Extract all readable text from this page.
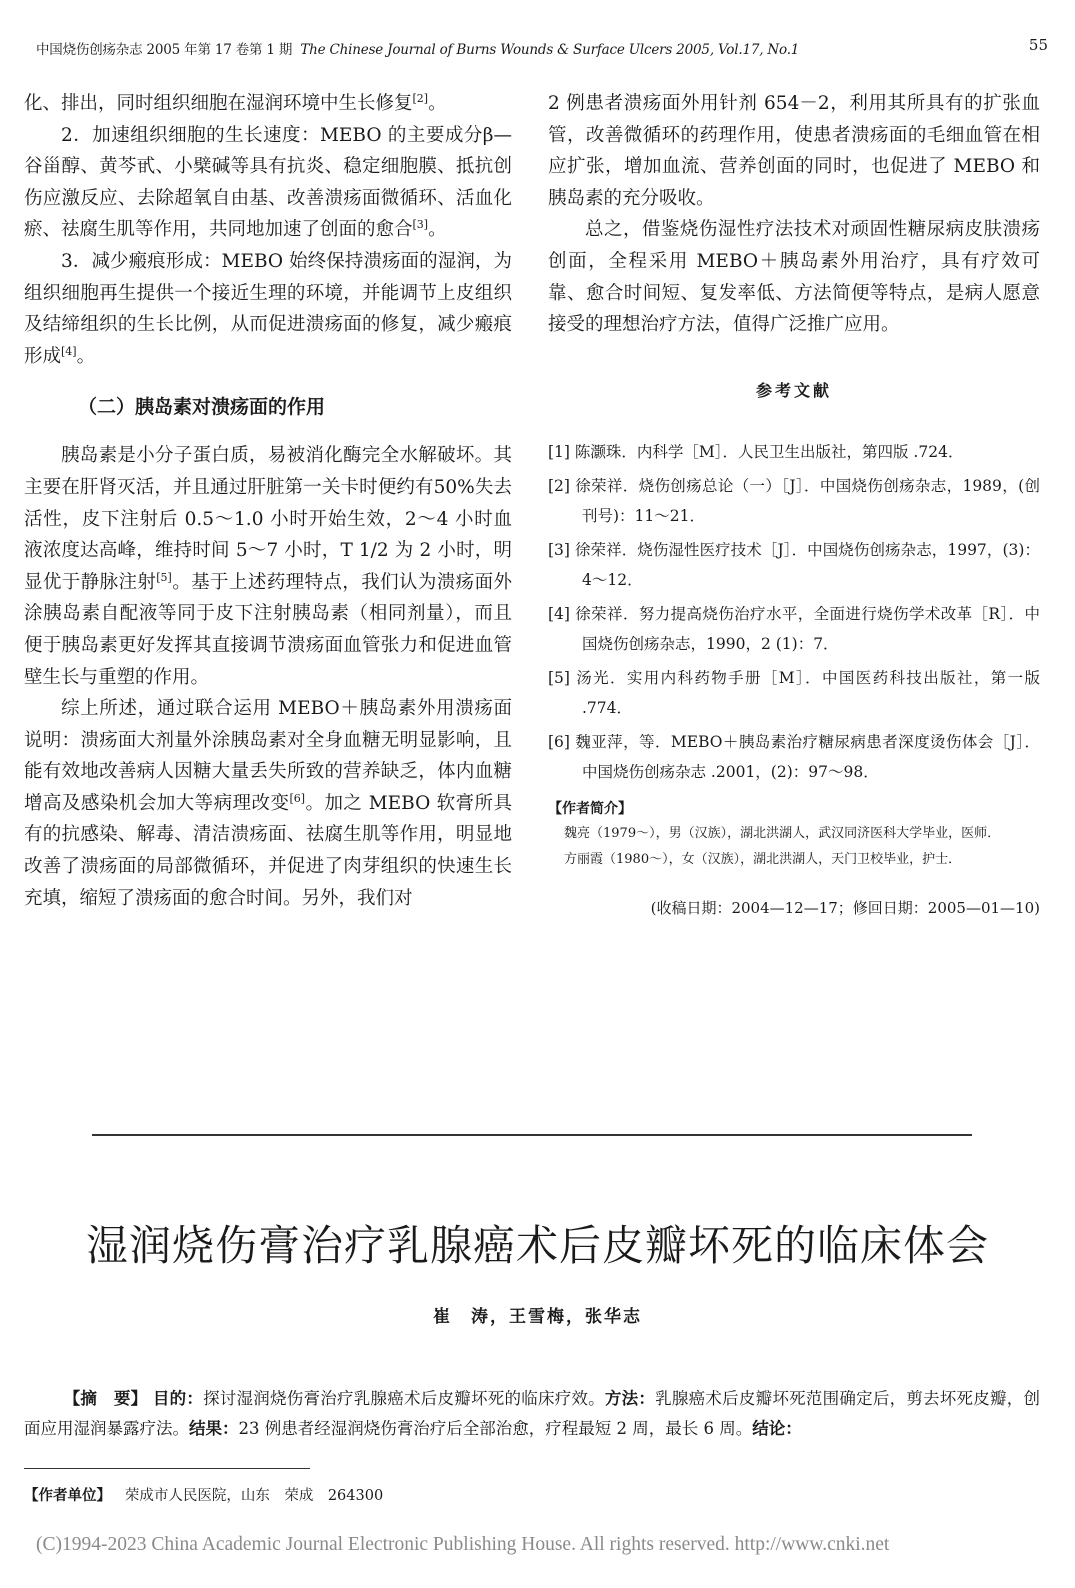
中国烧伤创疡杂志 2005 年第 17 卷第 1 期 The Chinese Journal of Burns Wounds & Surface Ulcers 2005, Vol.17, No.1	55

化、排出，同时组织细胞在湿润环境中生长修复[2]。

2．加速组织细胞的生长速度：MEBO 的主要成分β—谷甾醇、黄芩甙、小檗碱等具有抗炎、稳定细胞膜、抵抗创伤应激反应、去除超氧自由基、改善溃疡面微循环、活血化瘀、祛腐生肌等作用，共同地加速了创面的愈合[3]。

3．减少瘢痕形成：MEBO 始终保持溃疡面的湿润，为组织细胞再生提供一个接近生理的环境，并能调节上皮组织及结缔组织的生长比例，从而促进溃疡面的修复，减少瘢痕形成[4]。

（二）胰岛素对溃疡面的作用

胰岛素是小分子蛋白质，易被消化酶完全水解破坏。其主要在肝肾灭活，并且通过肝脏第一关卡时便约有50%失去活性，皮下注射后 0.5～1.0 小时开始生效，2～4 小时血液浓度达高峰，维持时间 5～7 小时，T 1/2 为 2 小时，明显优于静脉注射[5]。基于上述药理特点，我们认为溃疡面外涂胰岛素自配液等同于皮下注射胰岛素（相同剂量），而且便于胰岛素更好发挥其直接调节溃疡面血管张力和促进血管壁生长与重塑的作用。

综上所述，通过联合运用 MEBO＋胰岛素外用溃疡面说明：溃疡面大剂量外涂胰岛素对全身血糖无明显影响，且能有效地改善病人因糖大量丢失所致的营养缺乏，体内血糖增高及感染机会加大等病理改变[6]。加之 MEBO 软膏所具有的抗感染、解毒、清洁溃疡面、祛腐生肌等作用，明显地改善了溃疡面的局部微循环，并促进了肉芽组织的快速生长充填，缩短了溃疡面的愈合时间。另外，我们对

2 例患者溃疡面外用针剂 654－2，利用其所具有的扩张血管，改善微循环的药理作用，使患者溃疡面的毛细血管在相应扩张，增加血流、营养创面的同时，也促进了 MEBO 和胰岛素的充分吸收。

总之，借鉴烧伤湿性疗法技术对顽固性糖尿病皮肤溃疡创面，全程采用 MEBO＋胰岛素外用治疗，具有疗效可靠、愈合时间短、复发率低、方法简便等特点，是病人愿意接受的理想治疗方法，值得广泛推广应用。

参考文献
[1] 陈灏珠．内科学［M］．人民卫生出版社，第四版 .724．
[2] 徐荣祥．烧伤创疡总论（一）［J］．中国烧伤创疡杂志，1989，(创刊号)：11～21．
[3] 徐荣祥．烧伤湿性医疗技术［J］．中国烧伤创疡杂志，1997，(3)：4～12．
[4] 徐荣祥．努力提高烧伤治疗水平，全面进行烧伤学术改革［R］．中国烧伤创疡杂志，1990，2 (1)：7．
[5] 汤光．实用内科药物手册［M］．中国医药科技出版社，第一版 .774．
[6] 魏亚萍，等．MEBO＋胰岛素治疗糖尿病患者深度烫伤体会［J］．中国烧伤创疡杂志 .2001，(2)：97～98．
【作者简介】
魏亮（1979～），男（汉族），湖北洪湖人，武汉同济医科大学毕业，医师．
方丽霞（1980～），女（汉族），湖北洪湖人，天门卫校毕业，护士．
(收稿日期：2004—12—17；修回日期：2005—01—10)
湿润烧伤膏治疗乳腺癌术后皮瓣坏死的临床体会
崔　涛，王雪梅，张华志
【摘　要】 目的：探讨湿润烧伤膏治疗乳腺癌术后皮瓣坏死的临床疗效。方法：乳腺癌术后皮瓣坏死范围确定后，剪去坏死皮瓣，创面应用湿润暴露疗法。结果：23 例患者经湿润烧伤膏治疗后全部治愈，疗程最短 2 周，最长 6 周。结论：
【作者单位】 荣成市人民医院，山东　荣成　264300
(C)1994-2023 China Academic Journal Electronic Publishing House. All rights reserved. http://www.cnki.net
